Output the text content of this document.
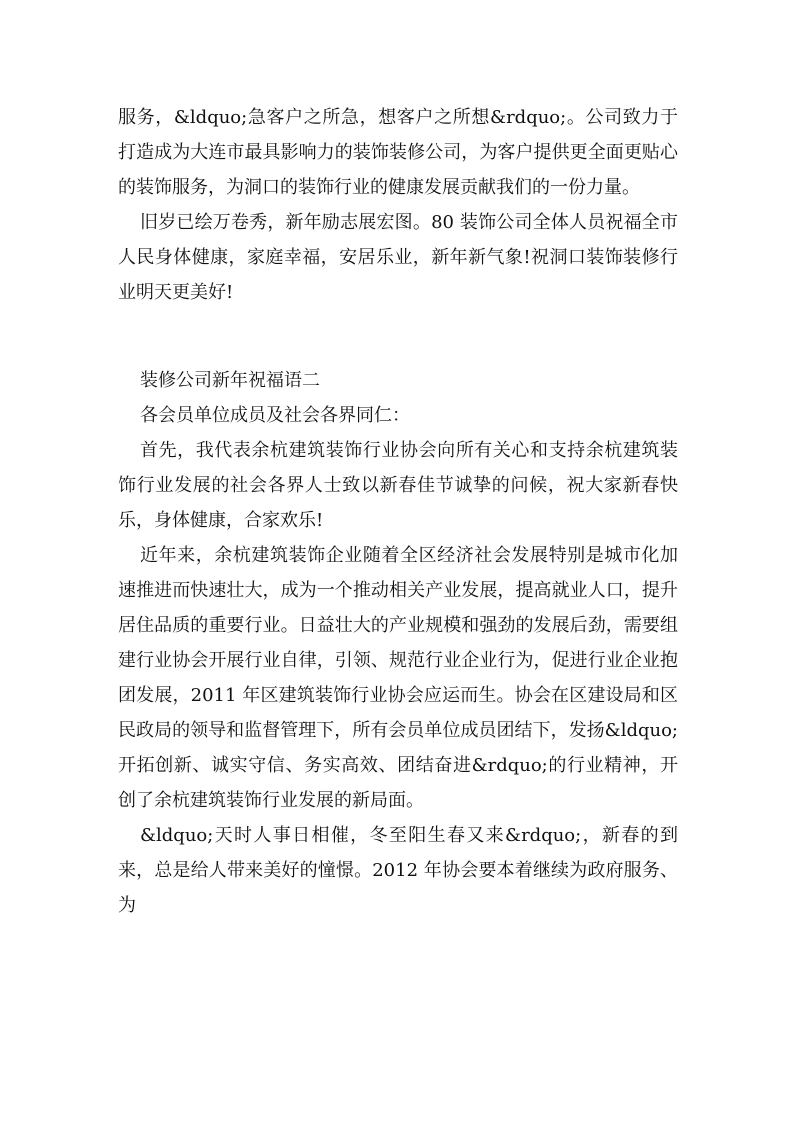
服务，&ldquo;急客户之所急，想客户之所想&rdquo;。公司致力于打造成为大连市最具影响力的装饰装修公司，为客户提供更全面更贴心的装饰服务，为洞口的装饰行业的健康发展贡献我们的一份力量。

旧岁已绘万卷秀，新年励志展宏图。80 装饰公司全体人员祝福全市人民身体健康，家庭幸福，安居乐业，新年新气象!祝洞口装饰装修行业明天更美好!

装修公司新年祝福语二

各会员单位成员及社会各界同仁：

首先，我代表余杭建筑装饰行业协会向所有关心和支持余杭建筑装饰行业发展的社会各界人士致以新春佳节诚挚的问候，祝大家新春快乐，身体健康，合家欢乐!

近年来，余杭建筑装饰企业随着全区经济社会发展特别是城市化加速推进而快速壮大，成为一个推动相关产业发展，提高就业人口，提升居住品质的重要行业。日益壮大的产业规模和强劲的发展后劲，需要组建行业协会开展行业自律，引领、规范行业企业行为，促进行业企业抱团发展，2011 年区建筑装饰行业协会应运而生。协会在区建设局和区民政局的领导和监督管理下，所有会员单位成员团结下，发扬&ldquo;开拓创新、诚实守信、务实高效、团结奋进&rdquo;的行业精神，开创了余杭建筑装饰行业发展的新局面。

&ldquo;天时人事日相催，冬至阳生春又来&rdquo;，新春的到来，总是给人带来美好的憧憬。2012 年协会要本着继续为政府服务、为
